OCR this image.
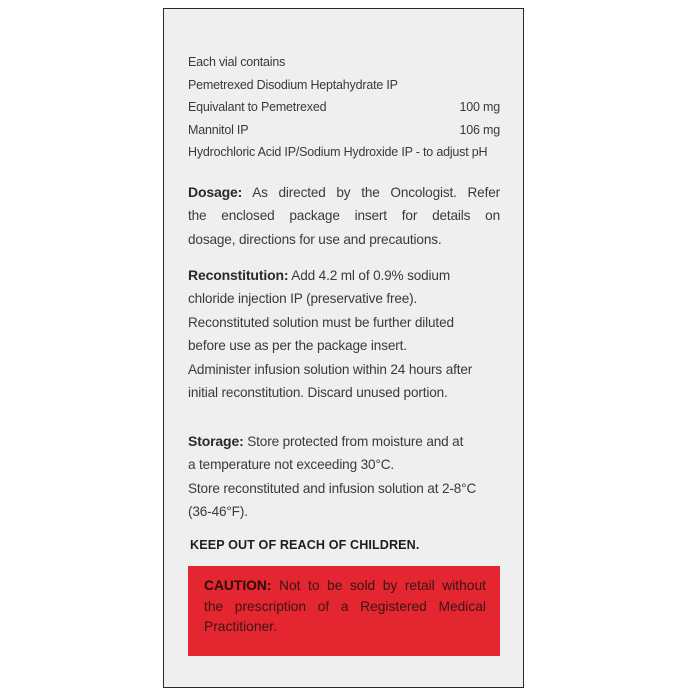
Each vial contains
Pemetrexed Disodium Heptahydrate IP
Equivalant to Pemetrexed	100 mg
Mannitol IP	106 mg
Hydrochloric Acid IP/Sodium Hydroxide IP - to adjust pH

Dosage: As directed by the Oncologist. Refer

the enclosed package insert for details on

dosage, directions for use and precautions.

Reconstitution: Add 4.2 ml of 0.9% sodium

chloride injection IP (preservative free).

Reconstituted solution must be further diluted

before use as per the package insert.

Administer infusion solution within 24 hours after

initial reconstitution. Discard unused portion.

Storage: Store protected from moisture and at

a temperature not exceeding 30°C.

Store reconstituted and infusion solution at 2-8°C

(36-46°F).

KEEP OUT OF REACH OF CHILDREN.

CAUTION: Not to be sold by retail without

the prescription of a Registered Medical

Practitioner.
